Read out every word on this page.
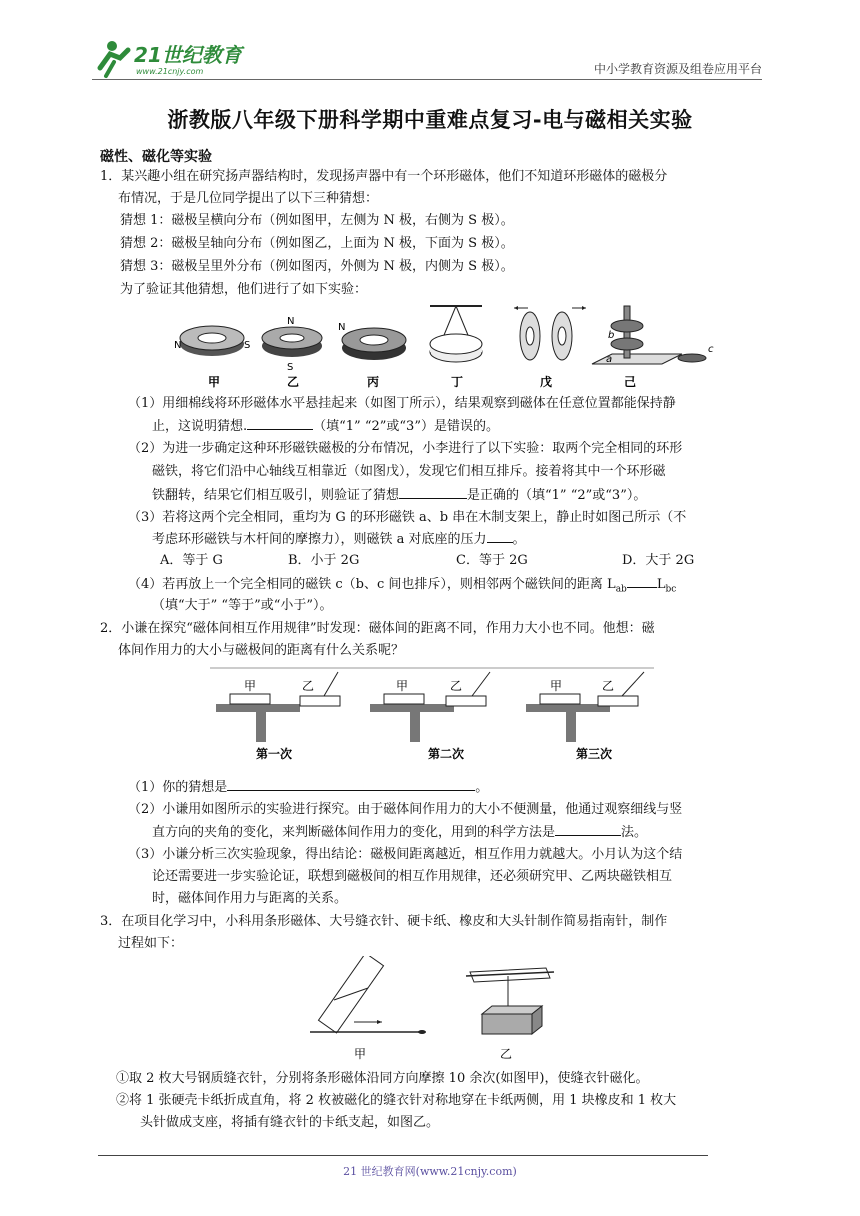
21世纪教育
www.21cnjy.com	中小学教育资源及组卷应用平台
浙教版八年级下册科学期中重难点复习-电与磁相关实验
磁性、磁化等实验
1．某兴趣小组在研究扬声器结构时，发现扬声器中有一个环形磁体，他们不知道环形磁体的磁极分
布情况，于是几位同学提出了以下三种猜想：
猜想 1：磁极呈横向分布（例如图甲，左侧为 N 极，右侧为 S 极）。
猜想 2：磁极呈轴向分布（例如图乙，上面为 N 极，下面为 S 极）。
猜想 3：磁极呈里外分布（例如图丙，外侧为 N 极，内侧为 S 极）。
为了验证其他猜想，他们进行了如下实验：
N	S
N
S
N
b
a
c
甲	乙	丙	丁	戊	己
（1）用细棉线将环形磁体水平悬挂起来（如图丁所示），结果观察到磁体在任意位置都能保持静
止，这说明猜想.	（填“1” “2”或“3”）是错误的。
（2）为进一步确定这种环形磁铁磁极的分布情况，小李进行了以下实验：取两个完全相同的环形
磁铁，将它们沿中心轴线互相靠近（如图戊），发现它们相互排斥。接着将其中一个环形磁
铁翻转，结果它们相互吸引，则验证了猜想	是正确的（填“1” “2”或“3”）。
（3）若将这两个完全相同，重均为 G 的环形磁铁 a、b 串在木制支架上，静止时如图己所示（不
考虑环形磁铁与木杆间的摩擦力），则磁铁 a 对底座的压力 。
A．等于 G	B．小于 2G	C．等于 2G	D．大于 2G
（4）若再放上一个完全相同的磁铁 c（b、c 间也排斥），则相邻两个磁铁间的距离 $L_{ab}$ $L_{bc}$
（填“大于” “等于”或“小于”）。
2．小谦在探究“磁体间相互作用规律”时发现：磁体间的距离不同，作用力大小也不同。他想：磁
体间作用力的大小与磁极间的距离有什么关系呢？
甲	乙
第一次
甲	乙
第二次
甲	乙
第三次
（1）你的猜想是	。
（2）小谦用如图所示的实验进行探究。由于磁体间作用力的大小不便测量，他通过观察细线与竖
直方向的夹角的变化，来判断磁体间作用力的变化，用到的科学方法是	法。
（3）小谦分析三次实验现象，得出结论：磁极间距离越近，相互作用力就越大。小月认为这个结
论还需要进一步实验论证，联想到磁极间的相互作用规律，还必须研究甲、乙两块磁铁相互
时，磁体间作用力与距离的关系。
3．在项目化学习中，小科用条形磁体、大号缝衣针、硬卡纸、橡皮和大头针制作简易指南针，制作
过程如下：
甲	乙
①取 2 枚大号钢质缝衣针，分别将条形磁体沿同方向摩擦 10 余次(如图甲)，使缝衣针磁化。
②将 1 张硬壳卡纸折成直角，将 2 枚被磁化的缝衣针对称地穿在卡纸两侧，用 1 块橡皮和 1 枚大
头针做成支座，将插有缝衣针的卡纸支起，如图乙。
21 世纪教育网(www.21cnjy.com)
